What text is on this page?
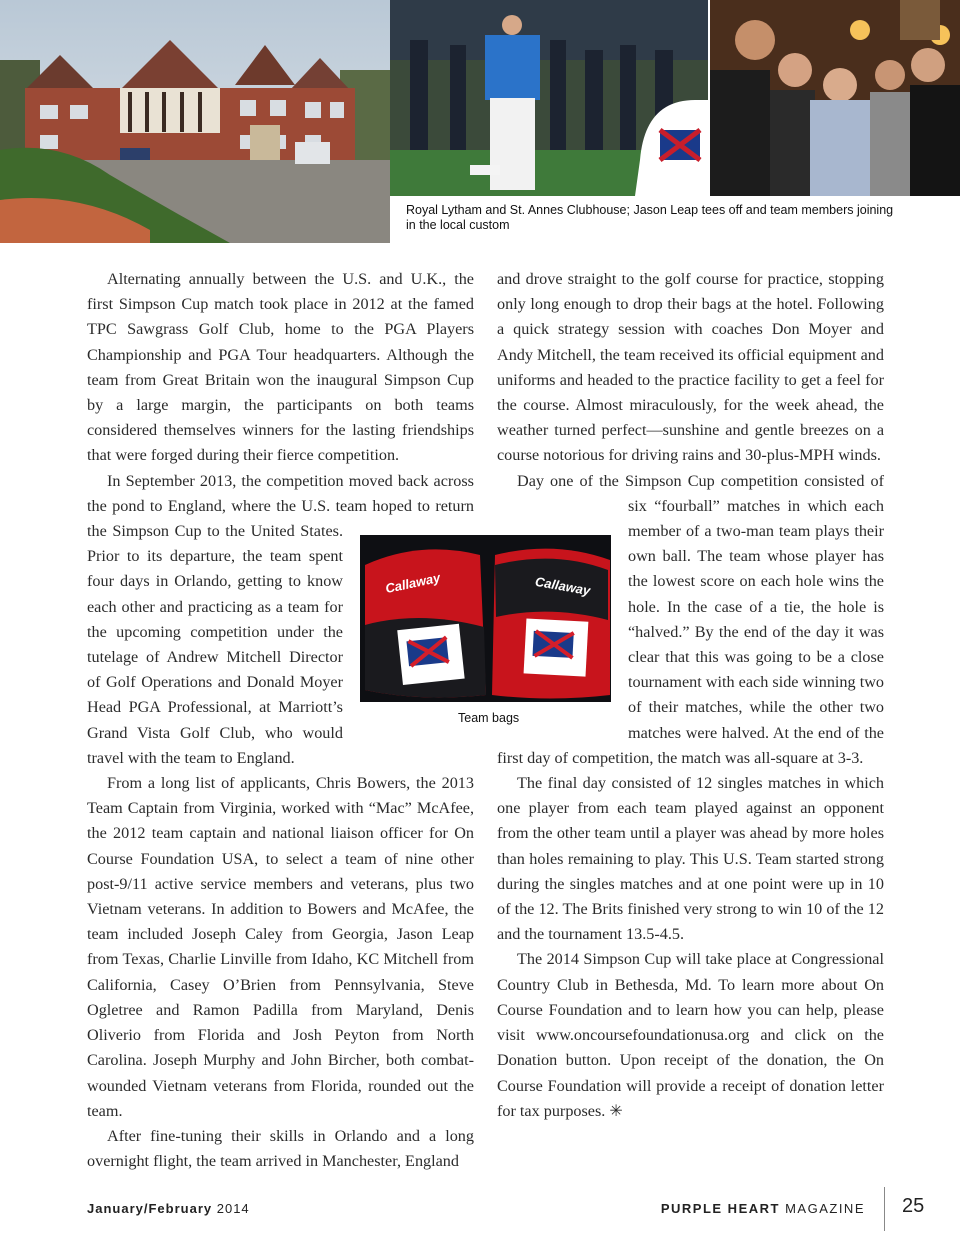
Royal Lytham and St. Annes Clubhouse; Jason Leap tees off and team members joining in the local custom

Alternating annually between the U.S. and U.K., the first Simpson Cup match took place in 2012 at the famed TPC Sawgrass Golf Club, home to the PGA Players Championship and PGA Tour headquarters. Although the team from Great Britain won the inaugural Simpson Cup by a large margin, the participants on both teams considered themselves winners for the lasting friendships that were forged during their fierce competition.

In September 2013, the competition moved back across the pond to England, where the U.S. team hoped to return the Simpson Cup to the United States.
Prior to its departure, the team spent four days in Orlando, getting to know each other and practicing as a team for the upcoming competition under the tutelage of Andrew Mitchell Director of Golf Operations and Donald Moyer Head PGA Professional, at Marriott’s Grand Vista Golf Club, who would travel with the team to England.

From a long list of applicants, Chris Bowers, the 2013 Team Captain from Virginia, worked with “Mac” McAfee, the 2012 team captain and national liaison officer for On Course Foundation USA, to select a team of nine other post-9/11 active service members and veterans, plus two Vietnam veterans. In addition to Bowers and McAfee, the team included Joseph Caley from Georgia, Jason Leap from Texas, Charlie Linville from Idaho, KC Mitchell from California, Casey O’Brien from Pennsylvania, Steve Ogletree and Ramon Padilla from Maryland, Denis Oliverio from Florida and Josh Peyton from North Carolina. Joseph Murphy and John Bircher, both combat-wounded Vietnam veterans from Florida, rounded out the team.

After fine-tuning their skills in Orlando and a long overnight flight, the team arrived in Manchester, England

and drove straight to the golf course for practice, stopping only long enough to drop their bags at the hotel. Following a quick strategy session with coaches Don Moyer and Andy Mitchell, the team received its official equipment and uniforms and headed to the practice facility to get a feel for the course. Almost miraculously, for the week ahead, the weather turned perfect—sunshine and gentle breezes on a course notorious for driving rains and 30-plus-MPH winds.

Day one of the Simpson Cup competition consisted of
six “fourball” matches in which each member of a two-man team plays their own ball. The team whose player has the lowest score on each hole wins the hole. In the case of a tie, the hole is “halved.” By the end of the day it was clear that this was going to be a close tournament with each side winning two of their matches, while the other two matches were halved. At the end of the first day of competition, the match was all-square at 3-3.

The final day consisted of 12 singles matches in which one player from each team played against an opponent from the other team until a player was ahead by more holes than holes remaining to play. This U.S. Team started strong during the singles matches and at one point were up in 10 of the 12. The Brits finished very strong to win 10 of the 12 and the tournament 13.5-4.5.

The 2014 Simpson Cup will take place at Congressional Country Club in Bethesda, Md. To learn more about On Course Foundation and to learn how you can help, please visit www.oncoursefoundationusa.org and click on the Donation button. Upon receipt of the donation, the On Course Foundation will provide a receipt of donation letter for tax purposes. ✳

Callaway	Callaway
Team bags
January/February 2014	PURPLE HEART MAGAZINE 25
